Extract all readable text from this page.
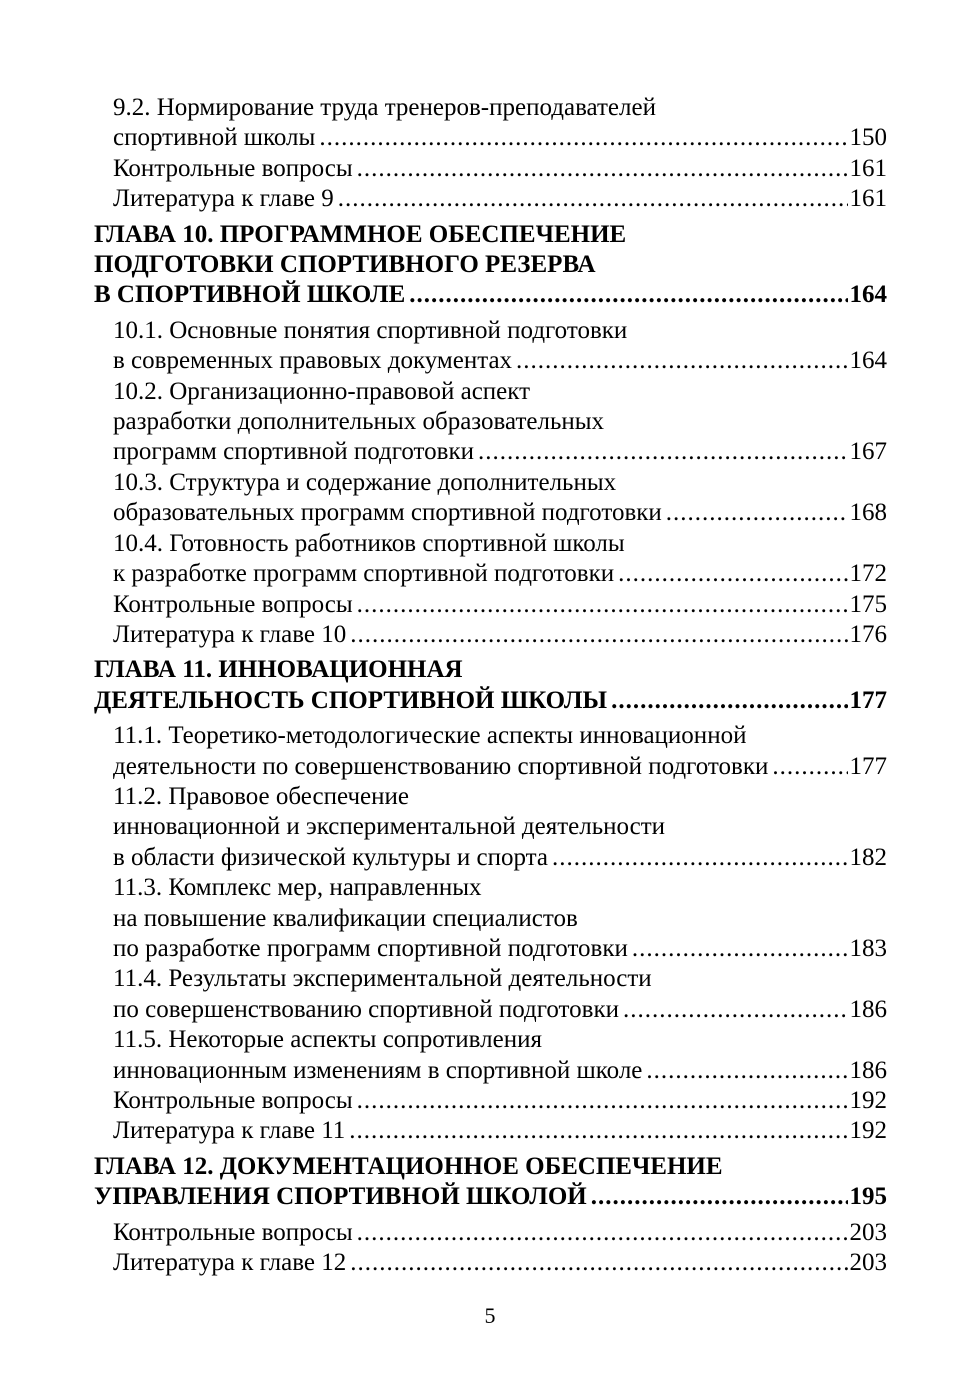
9.2. Нормирование труда тренеров-преподавателей
спортивной школы .....	150
Контрольные вопросы .....	161
Литература к главе 9 .....	161
ГЛАВА 10. ПРОГРАММНОЕ ОБЕСПЕЧЕНИЕ
ПОДГОТОВКИ СПОРТИВНОГО РЕЗЕРВА
В СПОРТИВНОЙ ШКОЛЕ .....	164
10.1. Основные понятия спортивной подготовки
в современных правовых документах .....	164
10.2. Организационно-правовой аспект
разработки дополнительных образовательных
программ спортивной подготовки .....	167
10.3. Структура и содержание дополнительных
образовательных программ спортивной подготовки .....	168
10.4. Готовность работников спортивной школы
к разработке программ спортивной подготовки .....	172
Контрольные вопросы .....	175
Литература к главе 10 .....	176
ГЛАВА 11. ИННОВАЦИОННАЯ
ДЕЯТЕЛЬНОСТЬ СПОРТИВНОЙ ШКОЛЫ .....	177
11.1. Теоретико-методологические аспекты инновационной
деятельности по совершенствованию спортивной подготовки .....	177
11.2. Правовое обеспечение
инновационной и экспериментальной деятельности
в области физической культуры и спорта .....	182
11.3. Комплекс мер, направленных
на повышение квалификации специалистов
по разработке программ спортивной подготовки .....	183
11.4. Результаты экспериментальной деятельности
по совершенствованию спортивной подготовки .....	186
11.5. Некоторые аспекты сопротивления
инновационным изменениям в спортивной школе .....	186
Контрольные вопросы .....	192
Литература к главе 11 .....	192
ГЛАВА 12. ДОКУМЕНТАЦИОННОЕ ОБЕСПЕЧЕНИЕ
УПРАВЛЕНИЯ СПОРТИВНОЙ ШКОЛОЙ .....	195
Контрольные вопросы .....	203
Литература к главе 12 .....	203
5
